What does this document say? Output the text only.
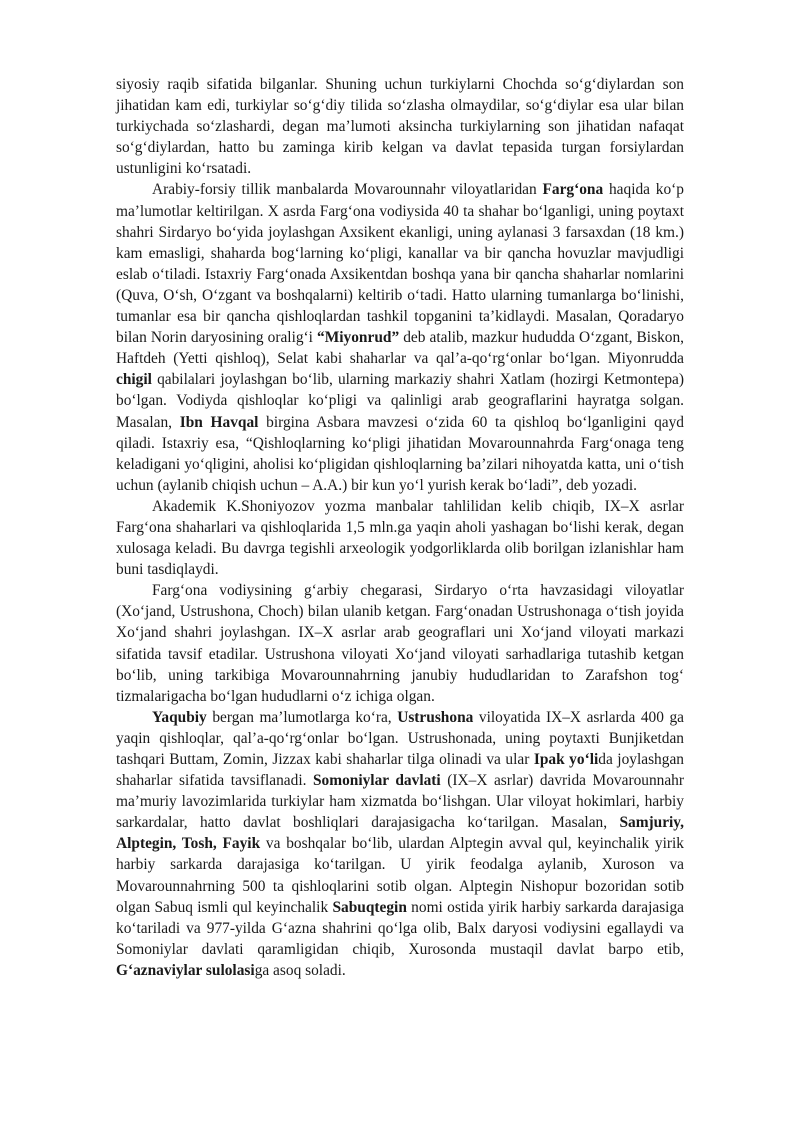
siyosiy raqib sifatida bilganlar. Shuning uchun turkiylarni Chochda so‘g‘diylardan son jihatidan kam edi, turkiylar so‘g‘diy tilida so‘zlasha olmaydilar, so‘g‘diylar esa ular bilan turkiychada so‘zlashardi, degan ma’lumoti aksincha turkiylarning son jihatidan nafaqat so‘g‘diylardan, hatto bu zaminga kirib kelgan va davlat tepasida turgan forsiylardan ustunligini ko‘rsatadi.

Arabiy-forsiy tillik manbalarda Movarounnahr viloyatlaridan Farg‘ona haqida ko‘p ma’lumotlar keltirilgan. X asrda Farg‘ona vodiysida 40 ta shahar bo‘lganligi, uning poytaxt shahri Sirdaryo bo‘yida joylashgan Axsikent ekanligi, uning aylanasi 3 farsaxdan (18 km.) kam emasligi, shaharda bog‘larning ko‘pligi, kanallar va bir qancha hovuzlar mavjudligi eslab o‘tiladi. Istaxriy Farg‘onada Axsikentdan boshqa yana bir qancha shaharlar nomlarini (Quva, O‘sh, O‘zgant va boshqalarni) keltirib o‘tadi. Hatto ularning tumanlarga bo‘linishi, tumanlar esa bir qancha qishloqlardan tashkil topganini ta’kidlaydi. Masalan, Qoradaryo bilan Norin daryosining oralig‘i “Miyonrud” deb atalib, mazkur hududda O‘zgant, Biskon, Haftdeh (Yetti qishloq), Selat kabi shaharlar va qal’a-qo‘rg‘onlar bo‘lgan. Miyonrudda chigil qabilalari joylashgan bo‘lib, ularning markaziy shahri Xatlam (hozirgi Ketmontepa) bo‘lgan. Vodiyda qishloqlar ko‘pligi va qalinligi arab geograflarini hayratga solgan. Masalan, Ibn Havqal birgina Asbara mavzesi o‘zida 60 ta qishloq bo‘lganligini qayd qiladi. Istaxriy esa, “Qishloqlarning ko‘pligi jihatidan Movarounnahrda Farg‘onaga teng keladigani yo‘qligini, aholisi ko‘pligidan qishloqlarning ba’zilari nihoyatda katta, uni o‘tish uchun (aylanib chiqish uchun – A.A.) bir kun yo‘l yurish kerak bo‘ladi”, deb yozadi.

Akademik K.Shoniyozov yozma manbalar tahlilidan kelib chiqib, IX–X asrlar Farg‘ona shaharlari va qishloqlarida 1,5 mln.ga yaqin aholi yashagan bo‘lishi kerak, degan xulosaga keladi. Bu davrga tegishli arxeologik yodgorliklarda olib borilgan izlanishlar ham buni tasdiqlaydi.

Farg‘ona vodiysining g‘arbiy chegarasi, Sirdaryo o‘rta havzasidagi viloyatlar (Xo‘jand, Ustrushona, Choch) bilan ulanib ketgan. Farg‘onadan Ustrushonaga o‘tish joyida Xo‘jand shahri joylashgan. IX–X asrlar arab geograflari uni Xo‘jand viloyati markazi sifatida tavsif etadilar. Ustrushona viloyati Xo‘jand viloyati sarhadlariga tutashib ketgan bo‘lib, uning tarkibiga Movarounnahrning janubiy hududlaridan to Zarafshon tog‘ tizmalarigacha bo‘lgan hududlarni o‘z ichiga olgan.

Yaqubiy bergan ma’lumotlarga ko‘ra, Ustrushona viloyatida IX–X asrlarda 400 ga yaqin qishloqlar, qal’a-qo‘rg‘onlar bo‘lgan. Ustrushonada, uning poytaxti Bunjiketdan tashqari Buttam, Zomin, Jizzax kabi shaharlar tilga olinadi va ular Ipak yo‘lida joylashgan shaharlar sifatida tavsiflanadi. Somoniylar davlati (IX–X asrlar) davrida Movarounnahr ma’muriy lavozimlarida turkiylar ham xizmatda bo‘lishgan. Ular viloyat hokimlari, harbiy sarkardalar, hatto davlat boshliqlari darajasigacha ko‘tarilgan. Masalan, Samjuriy, Alptegin, Tosh, Fayik va boshqalar bo‘lib, ulardan Alptegin avval qul, keyinchalik yirik harbiy sarkarda darajasiga ko‘tarilgan. U yirik feodalga aylanib, Xuroson va Movarounnahrning 500 ta qishloqlarini sotib olgan. Alptegin Nishopur bozoridan sotib olgan Sabuq ismli qul keyinchalik Sabuqtegin nomi ostida yirik harbiy sarkarda darajasiga ko‘tariladi va 977-yilda G‘azna shahrini qo‘lga olib, Balx daryosi vodiysini egallaydi va Somoniylar davlati qaramligidan chiqib, Xurosonda mustaqil davlat barpo etib, G‘aznaviylar sulolasiga asoq soladi.
